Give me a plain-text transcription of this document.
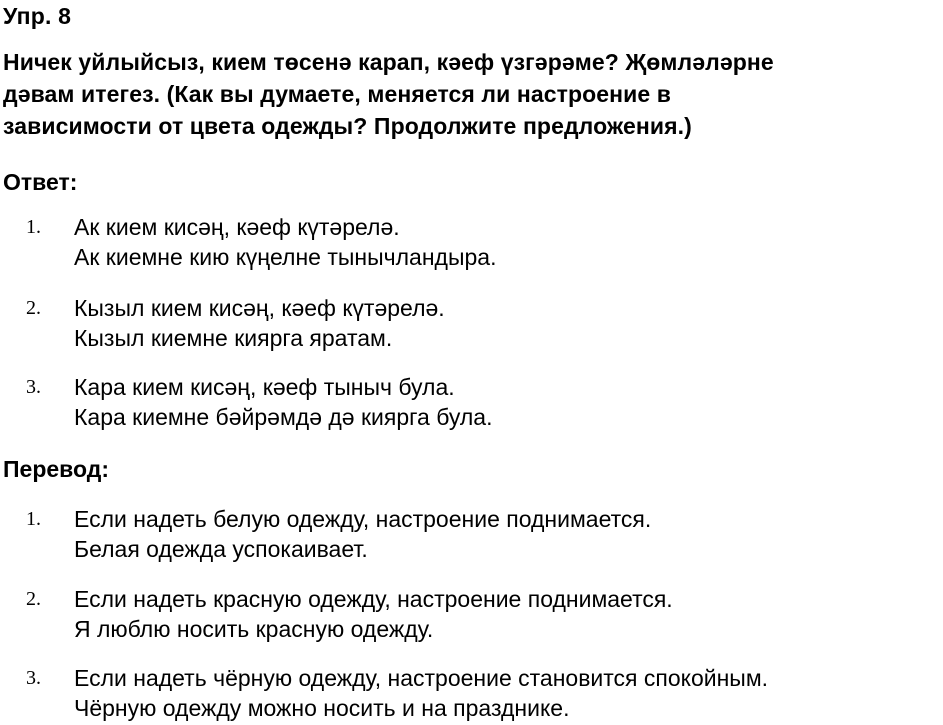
Упр. 8
Ничек уйлыйсыз, кием төсенә карап, кәеф үзгәрәме? Җөмләләрне
дәвам итегез. (Как вы думаете, меняется ли настроение в
зависимости от цвета одежды? Продолжите предложения.)
Ответ:
1. Ак кием кисәң, кәеф күтәрелә.
Ак киемне кию күңелне тынычландыра.
2. Кызыл кием кисәң, кәеф күтәрелә.
Кызыл киемне киярга яратам.
3. Кара кием кисәң, кәеф тыныч була.
Кара киемне бәйрәмдә дә киярга була.
Перевод:
1. Если надеть белую одежду, настроение поднимается.
Белая одежда успокаивает.
2. Если надеть красную одежду, настроение поднимается.
Я люблю носить красную одежду.
3. Если надеть чёрную одежду, настроение становится спокойным.
Чёрную одежду можно носить и на празднике.
